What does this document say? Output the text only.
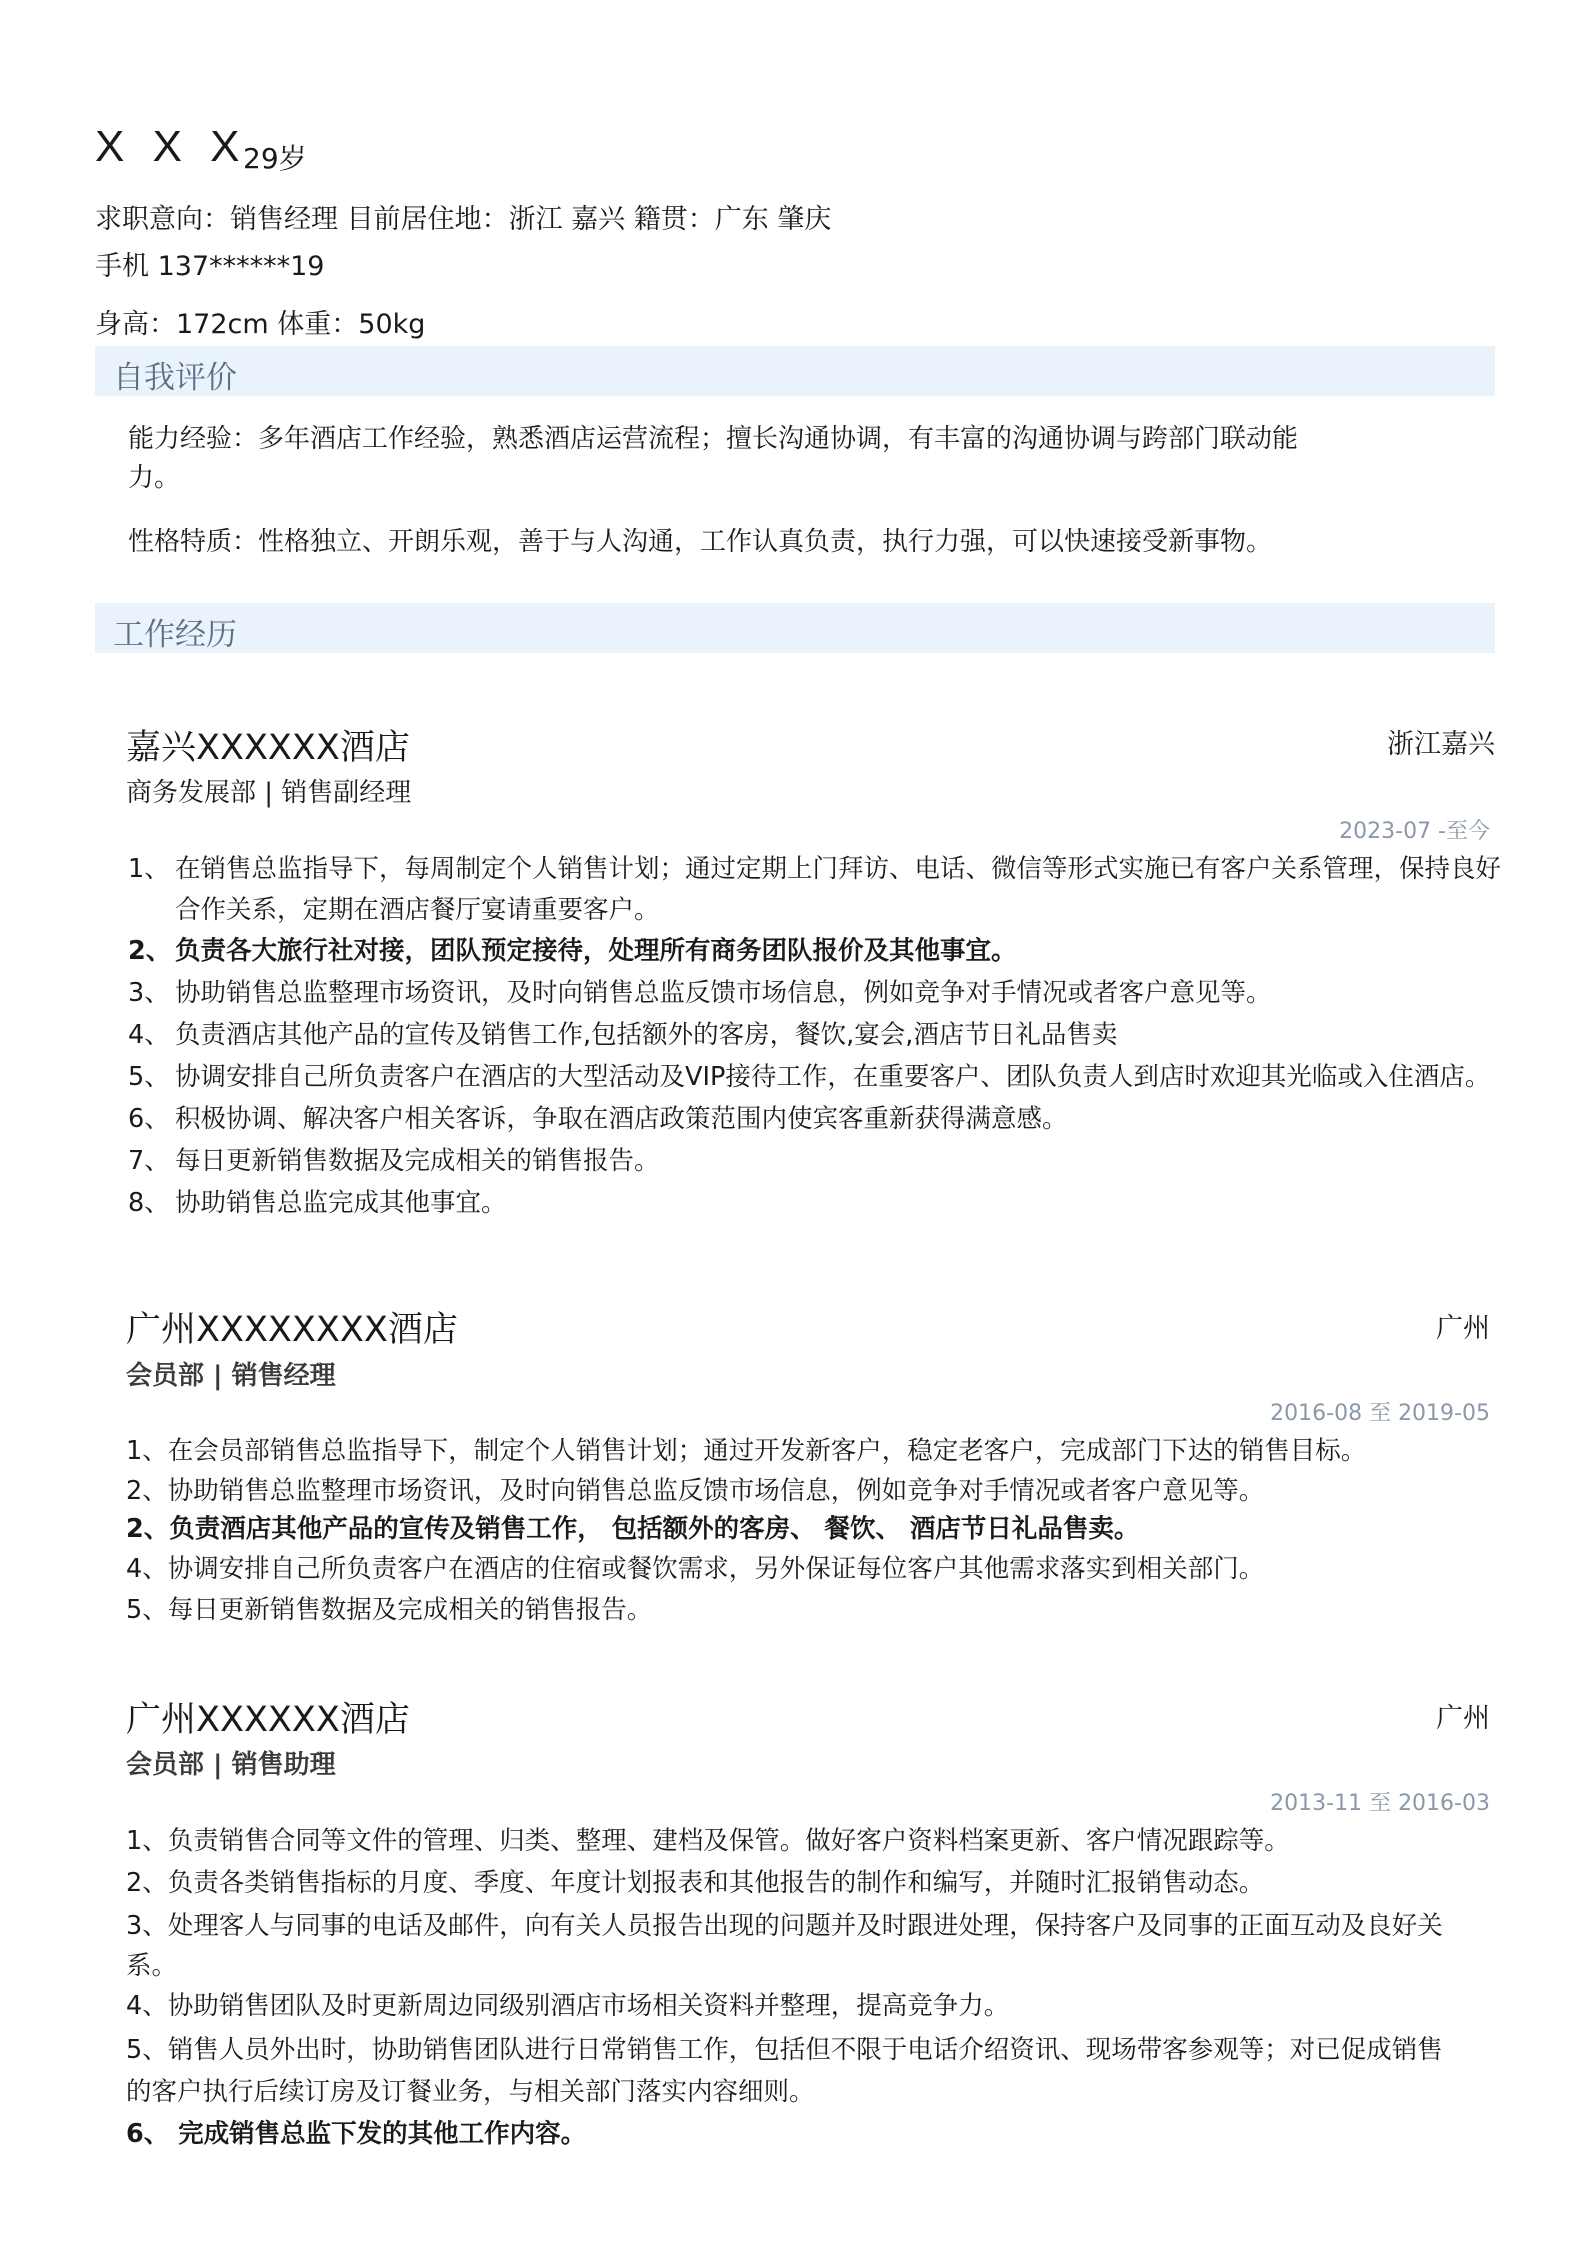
X X X
29岁
求职意向：销售经理 目前居住地：浙江 嘉兴 籍贯：广东 肇庆
手机 137******19
身高：172cm 体重：50kg
自我评价
能力经验：多年酒店工作经验，熟悉酒店运营流程；擅长沟通协调，有丰富的沟通协调与跨部门联动能
力。
性格特质：性格独立、开朗乐观，善于与人沟通，工作认真负责，执行力强，可以快速接受新事物。
工作经历
嘉兴XXXXXX酒店	浙江嘉兴
商务发展部 | 销售副经理
2023-07 -至今
1、 在销售总监指导下，每周制定个人销售计划；通过定期上门拜访、电话、微信等形式实施已有客户关系管理，保持良好
合作关系，定期在酒店餐厅宴请重要客户。
2、 负责各大旅行社对接，团队预定接待，处理所有商务团队报价及其他事宜。
3、 协助销售总监整理市场资讯，及时向销售总监反馈市场信息，例如竞争对手情况或者客户意见等。
4、 负责酒店其他产品的宣传及销售工作,包括额外的客房，餐饮,宴会,酒店节日礼品售卖
5、 协调安排自己所负责客户在酒店的大型活动及VIP接待工作，在重要客户、团队负责人到店时欢迎其光临或入住酒店。
6、 积极协调、解决客户相关客诉，争取在酒店政策范围内使宾客重新获得满意感。
7、 每日更新销售数据及完成相关的销售报告。
8、 协助销售总监完成其他事宜。
广州XXXXXXXX酒店	广州
会员部 | 销售经理
2016-08 至 2019-05
1、在会员部销售总监指导下，制定个人销售计划；通过开发新客户，稳定老客户，完成部门下达的销售目标。
2、协助销售总监整理市场资讯，及时向销售总监反馈市场信息，例如竞争对手情况或者客户意见等。
2、负责酒店其他产品的宣传及销售工作， 包括额外的客房、 餐饮、 酒店节日礼品售卖。
4、协调安排自己所负责客户在酒店的住宿或餐饮需求，另外保证每位客户其他需求落实到相关部门。
5、每日更新销售数据及完成相关的销售报告。
广州XXXXXX酒店	广州
会员部 | 销售助理
2013-11 至 2016-03
1、负责销售合同等文件的管理、归类、整理、建档及保管。做好客户资料档案更新、客户情况跟踪等。
2、负责各类销售指标的月度、季度、年度计划报表和其他报告的制作和编写，并随时汇报销售动态。
3、处理客人与同事的电话及邮件，向有关人员报告出现的问题并及时跟进处理，保持客户及同事的正面互动及良好关
系。
4、协助销售团队及时更新周边同级别酒店市场相关资料并整理，提高竞争力。
5、销售人员外出时，协助销售团队进行日常销售工作，包括但不限于电话介绍资讯、现场带客参观等；对已促成销售
的客户执行后续订房及订餐业务，与相关部门落实内容细则。
6、 完成销售总监下发的其他工作内容。
